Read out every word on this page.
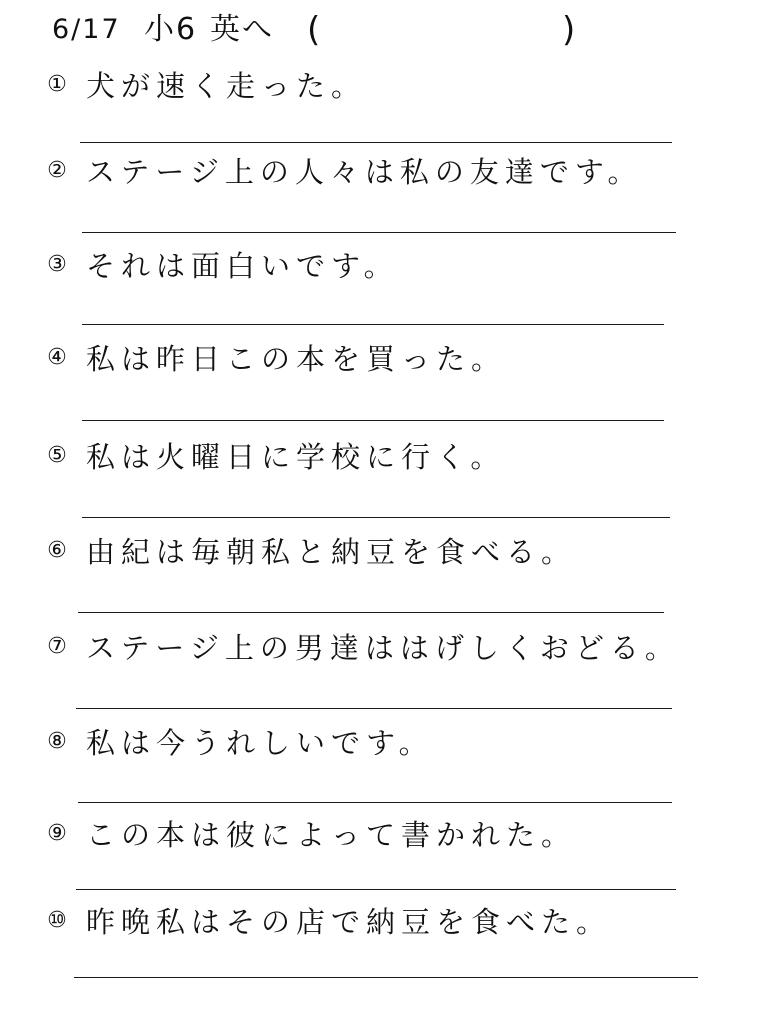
6/17 小6 英へ (	)
① 犬が速く走った。
② ステージ上の人々は私の友達です。
③ それは面白いです。
④ 私は昨日この本を買った。
⑤ 私は火曜日に学校に行く。
⑥ 由紀は毎朝私と納豆を食べる。
⑦ ステージ上の男達ははげしくおどる。
⑧ 私は今うれしいです。
⑨ この本は彼によって書かれた。
⑩ 昨晩私はその店で納豆を食べた。
